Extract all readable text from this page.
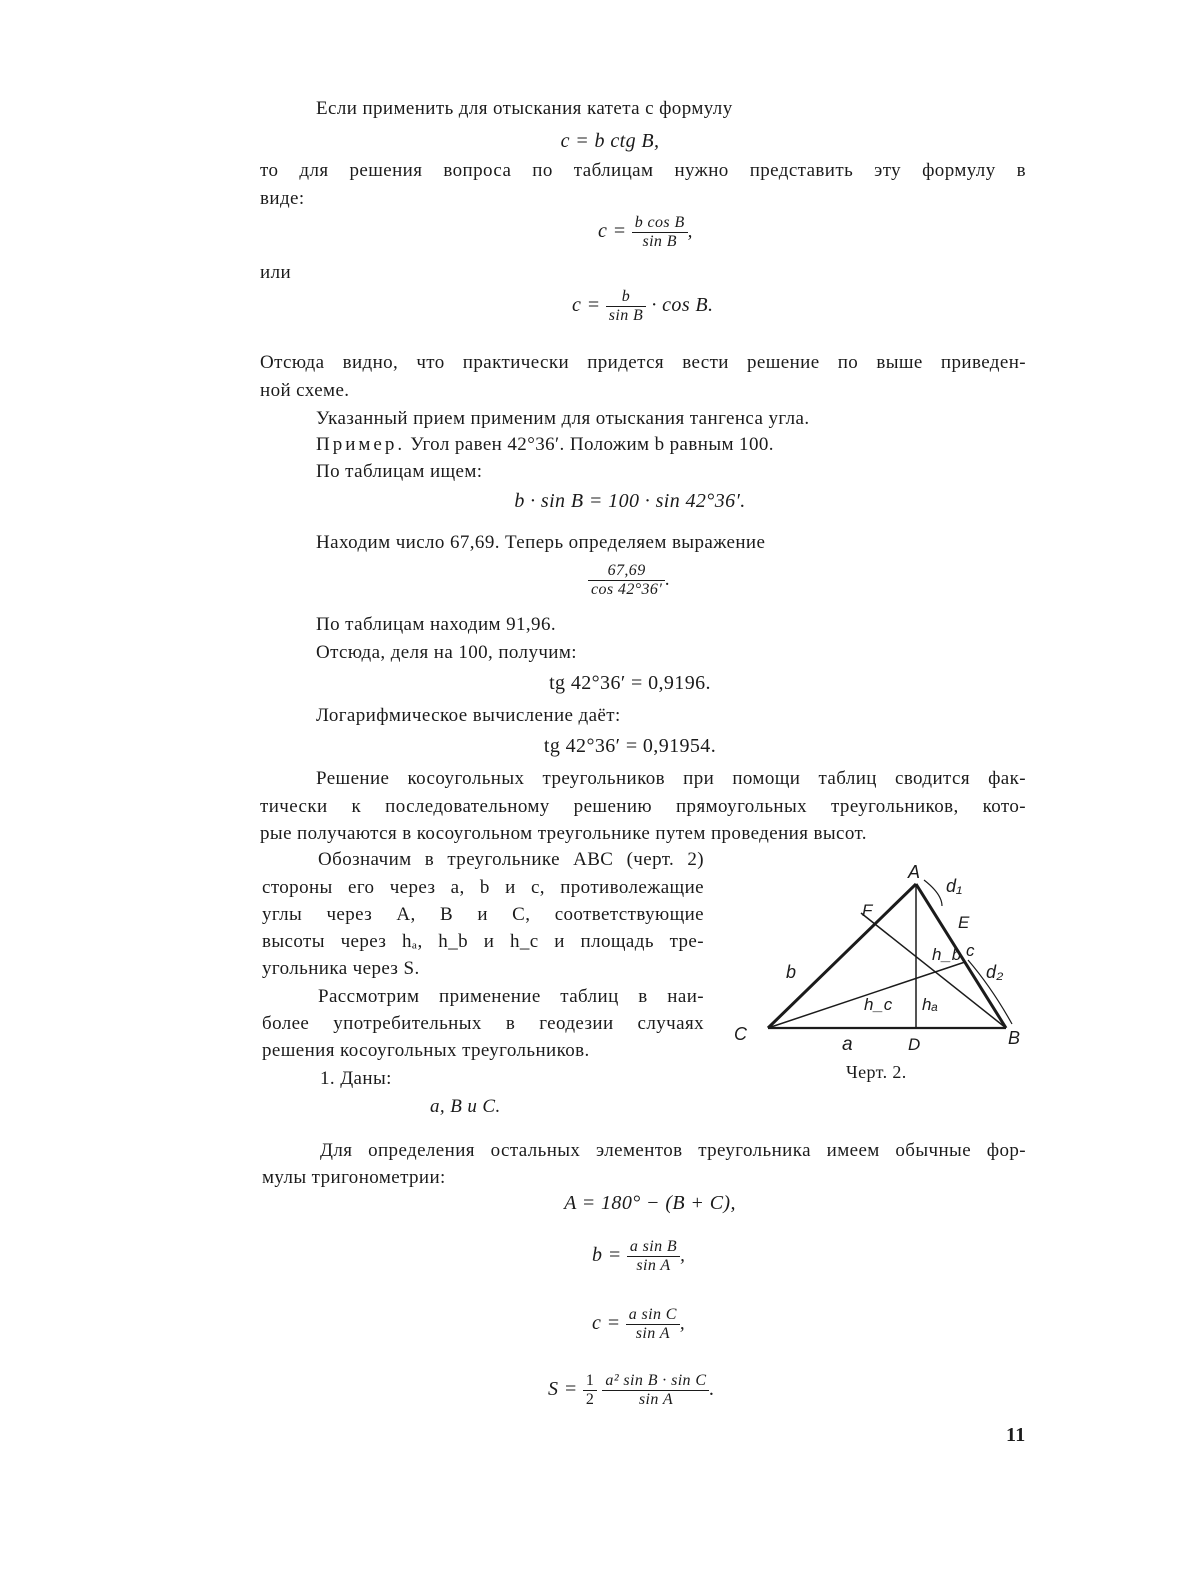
Если применить для отыскания катета c формулу
c = b ctg B,
то для решения вопроса по таблицам нужно представить эту формулу в
виде:
$c = \frac{\text{b cos B}}{\text{sin B}}$ ,
или
$c = \frac{b}{\text{sin B}} \cdot \cos B$.
Отсюда видно, что практически придется вести решение по выше приведен-
ной схеме.
Указанный прием применим для отыскания тангенса угла.
Пример. Угол равен 42°36′. Положим b равным 100.
По таблицам ищем:
b · sin B = 100 · sin 42°36′.
Находим число 67,69. Теперь определяем выражение
$\frac{67,69}{\cos 42^\circ 36'}$ .
По таблицам находим 91,96.
Отсюда, деля на 100, получим:
tg 42°36′ = 0,9196.
Логарифмическое вычисление даёт:
tg 42°36′ = 0,91954.
Решение косоугольных треугольников при помощи таблиц сводится фак-
тически к последовательному решению прямоугольных треугольников, кото-
рые получаются в косоугольном треугольнике путем проведения высот.
Обозначим в треугольнике ABC (черт. 2)
стороны его через a, b и c, противолежащие
углы через A, B и C, соответствующие
высоты через hₐ, h_b и h_c и площадь тре-
угольника через S.
Рассмотрим применение таблиц в наи-
более употребительных в геодезии случаях
решения косоугольных треугольников.
1. Даны:
a, B и C.
A
d₁
F
E
c
h_b
d₂
b
h_c hₐ
C	B
a	D
Черт. 2.
Для определения остальных элементов треугольника имеем обычные фор-
мулы тригонометрии:
A = 180° − (B + C),
$b = \frac{\text{a sin B}}{\text{sin A}}$ ,
$c = \frac{\text{a sin C}}{\text{sin A}}$ ,
$S = \frac{1}{2}$
$\frac{\text{a² sin B · sin C}}{\text{sin A}}$ .
11
